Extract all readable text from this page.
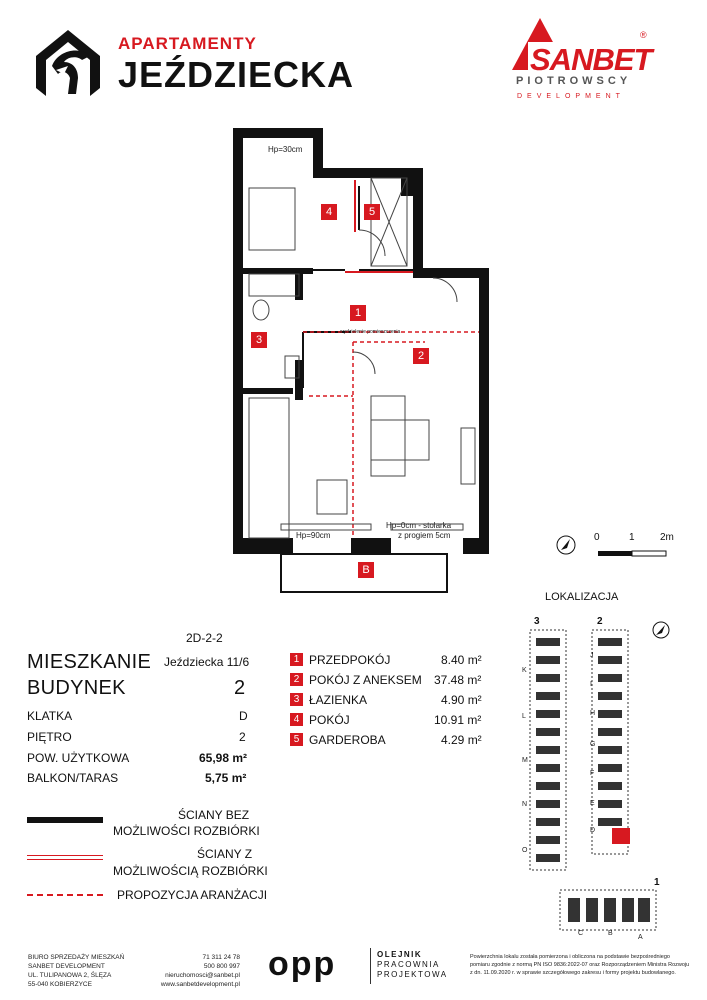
APARTAMENTY
JEŹDZIECKA	SANBET
®
PIOTROWSCY
DEVELOPMENT
Hp=30cm
Hp=90cm
Hp=0cm - stolarka
z progiem 5cm
wydzielenie pomieszczenia
1
2
3
4	5
B
0	1	2m
2D-2-2
MIESZKANIE Jeździecka 11/6
BUDYNEK	2
KLATKA	D
PIĘTRO	2
POW. UŻYTKOWA	65,98 m²
BALKON/TARAS	5,75 m²
1 PRZEDPOKÓJ	8.40 m²
2 POKÓJ Z ANEKSEM 37.48 m²
3 ŁAZIENKA	4.90 m²
4 POKÓJ	10.91 m²
5 GARDEROBA	4.29 m²
ŚCIANY BEZ
MOŻLIWOŚCI ROZBIÓRKI
ŚCIANY Z
MOŻLIWOŚCIĄ ROZBIÓRKI
PROPOZYCJA ARANŻACJI
LOKALIZACJA
3	2
1
K
L
M
N
O
J
I
H
G
F
E
D
C	B
A
BIURO SPRZEDAŻY MIESZKAŃ
SANBET DEVELOPMENT
UL. TULIPANOWA 2, ŚLĘZA
55-040 KOBIERZYCE
71 311 24 78
500 800 997
nieruchomosci@sanbet.pl
www.sanbetdevelopment.pl
opp	OLEJNIK
PRACOWNIA
PROJEKTOWA
Powierzchnia lokalu została pomierzona i obliczona na podstawie bezpośredniego
pomiaru zgodnie z normą PN ISO 9836:2022-07 oraz Rozporządzeniem Ministra Rozwoju
z dn. 11.09.2020 r. w sprawie szczegółowego zakresu i formy projektu budowlanego.
